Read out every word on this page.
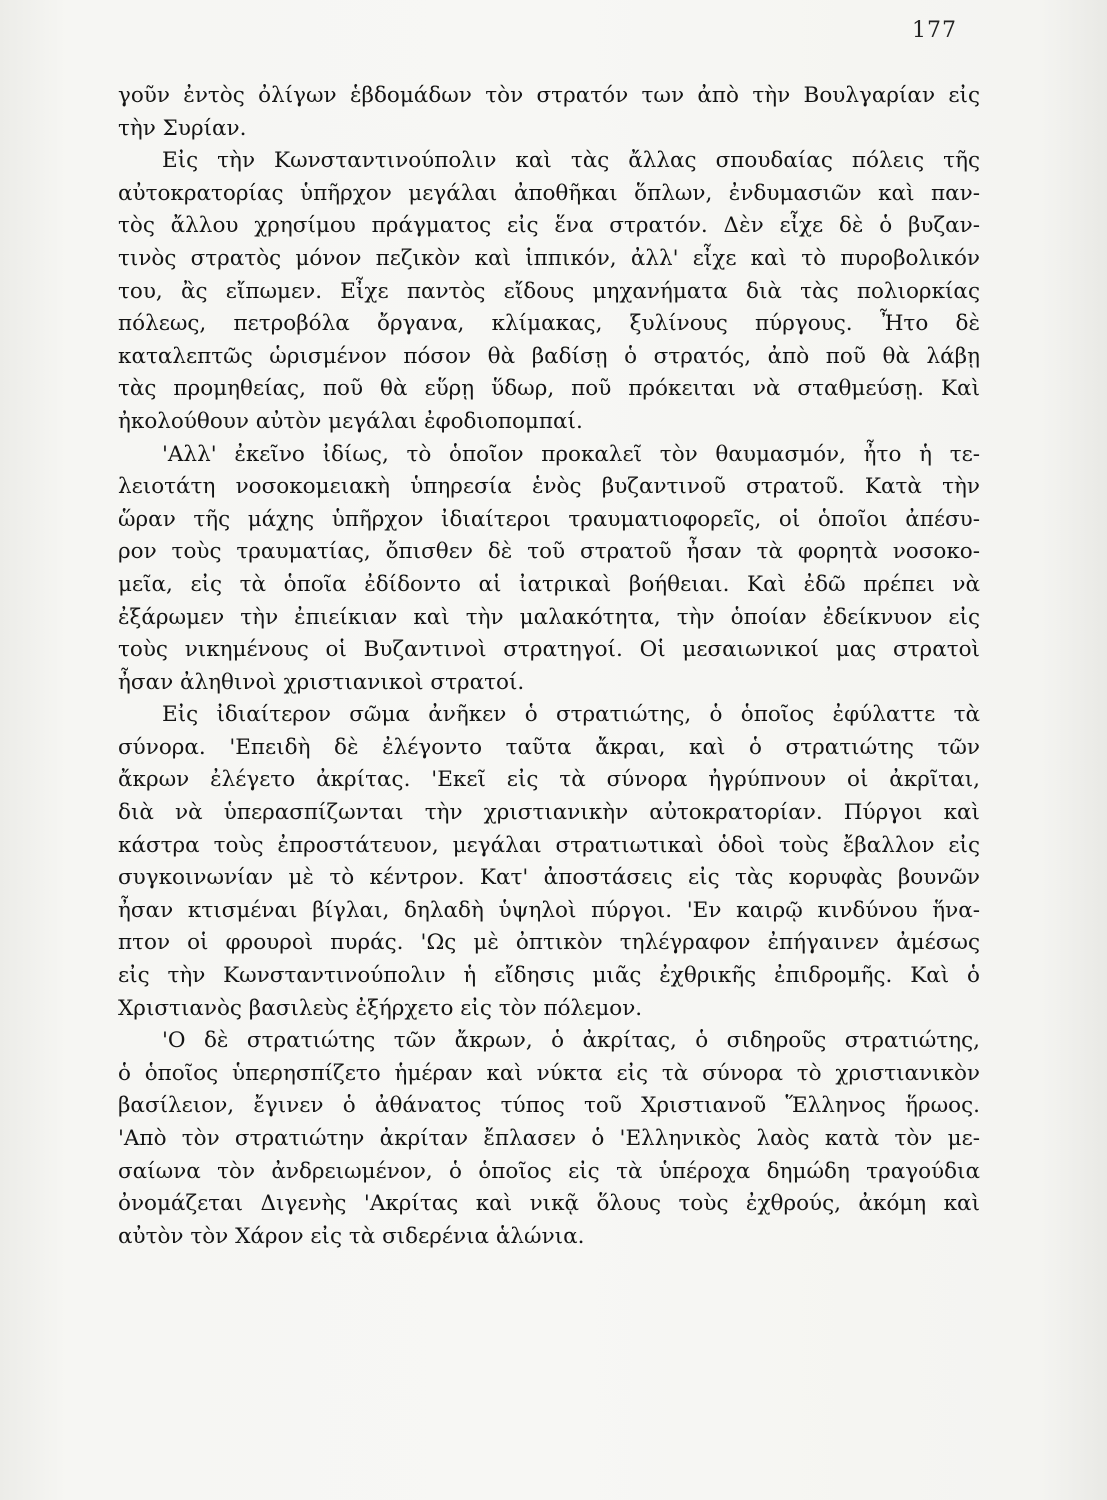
177
γοῦν ἐντὸς ὀλίγων ἑβδομάδων τὸν στρατόν των ἀπὸ τὴν Βουλγαρίαν εἰς
τὴν Συρίαν.
Εἰς τὴν Κωνσταντινούπολιν καὶ τὰς ἄλλας σπουδαίας πόλεις τῆς
αὐτοκρατορίας ὑπῆρχον μεγάλαι ἀποθῆκαι ὅπλων, ἐνδυμασιῶν καὶ παν-
τὸς ἄλλου χρησίμου πράγματος εἰς ἕνα στρατόν. Δὲν εἶχε δὲ ὁ βυζαν-
τινὸς στρατὸς μόνον πεζικὸν καὶ ἱππικόν, ἀλλ' εἶχε καὶ τὸ πυροβολικόν
του, ἂς εἴπωμεν. Εἶχε παντὸς εἴδους μηχανήματα διὰ τὰς πολιορκίας
πόλεως, πετροβόλα ὄργανα, κλίμακας, ξυλίνους πύργους. Ἦτο δὲ
καταλεπτῶς ὡρισμένον πόσον θὰ βαδίσῃ ὁ στρατός, ἀπὸ ποῦ θὰ λάβῃ
τὰς προμηθείας, ποῦ θὰ εὕρῃ ὕδωρ, ποῦ πρόκειται νὰ σταθμεύσῃ. Καὶ
ἠκολούθουν αὐτὸν μεγάλαι ἐφοδιοπομπαί.
'Αλλ' ἐκεῖνο ἰδίως, τὸ ὁποῖον προκαλεῖ τὸν θαυμασμόν, ἦτο ἡ τε-
λειοτάτη νοσοκομειακὴ ὑπηρεσία ἑνὸς βυζαντινοῦ στρατοῦ. Κατὰ τὴν
ὥραν τῆς μάχης ὑπῆρχον ἰδιαίτεροι τραυματιοφορεῖς, οἱ ὁποῖοι ἀπέσυ-
ρον τοὺς τραυματίας, ὄπισθεν δὲ τοῦ στρατοῦ ἦσαν τὰ φορητὰ νοσοκο-
μεῖα, εἰς τὰ ὁποῖα ἐδίδοντο αἱ ἰατρικαὶ βοήθειαι. Καὶ ἐδῶ πρέπει νὰ
ἐξάρωμεν τὴν ἐπιείκιαν καὶ τὴν μαλακότητα, τὴν ὁποίαν ἐδείκνυον εἰς
τοὺς νικημένους οἱ Βυζαντινοὶ στρατηγοί. Οἱ μεσαιωνικοί μας στρατοὶ
ἦσαν ἀληθινοὶ χριστιανικοὶ στρατοί.
Εἰς ἰδιαίτερον σῶμα ἀνῆκεν ὁ στρατιώτης, ὁ ὁποῖος ἐφύλαττε τὰ
σύνορα. 'Επειδὴ δὲ ἐλέγοντο ταῦτα ἄκραι, καὶ ὁ στρατιώτης τῶν
ἄκρων ἐλέγετο ἀκρίτας. 'Εκεῖ εἰς τὰ σύνορα ἠγρύπνουν οἱ ἀκρῖται,
διὰ νὰ ὑπερασπίζωνται τὴν χριστιανικὴν αὐτοκρατορίαν. Πύργοι καὶ
κάστρα τοὺς ἐπροστάτευον, μεγάλαι στρατιωτικαὶ ὁδοὶ τοὺς ἔβαλλον εἰς
συγκοινωνίαν μὲ τὸ κέντρον. Κατ' ἀποστάσεις εἰς τὰς κορυφὰς βουνῶν
ἦσαν κτισμέναι βίγλαι, δηλαδὴ ὑψηλοὶ πύργοι. 'Εν καιρῷ κινδύνου ἥνα-
πτον οἱ φρουροὶ πυράς. 'Ως μὲ ὀπτικὸν τηλέγραφον ἐπήγαινεν ἀμέσως
εἰς τὴν Κωνσταντινούπολιν ἡ εἴδησις μιᾶς ἐχθρικῆς ἐπιδρομῆς. Καὶ ὁ
Χριστιανὸς βασιλεὺς ἐξήρχετο εἰς τὸν πόλεμον.
'Ο δὲ στρατιώτης τῶν ἄκρων, ὁ ἀκρίτας, ὁ σιδηροῦς στρατιώτης,
ὁ ὁποῖος ὑπερησπίζετο ἡμέραν καὶ νύκτα εἰς τὰ σύνορα τὸ χριστιανικὸν
βασίλειον, ἔγινεν ὁ ἀθάνατος τύπος τοῦ Χριστιανοῦ Ἕλληνος ἥρωος.
'Απὸ τὸν στρατιώτην ἀκρίταν ἔπλασεν ὁ 'Ελληνικὸς λαὸς κατὰ τὸν με-
σαίωνα τὸν ἀνδρειωμένον, ὁ ὁποῖος εἰς τὰ ὑπέροχα δημώδη τραγούδια
ὀνομάζεται Διγενὴς 'Ακρίτας καὶ νικᾷ ὅλους τοὺς ἐχθρούς, ἀκόμη καὶ
αὐτὸν τὸν Χάρον εἰς τὰ σιδερένια ἁλώνια.
